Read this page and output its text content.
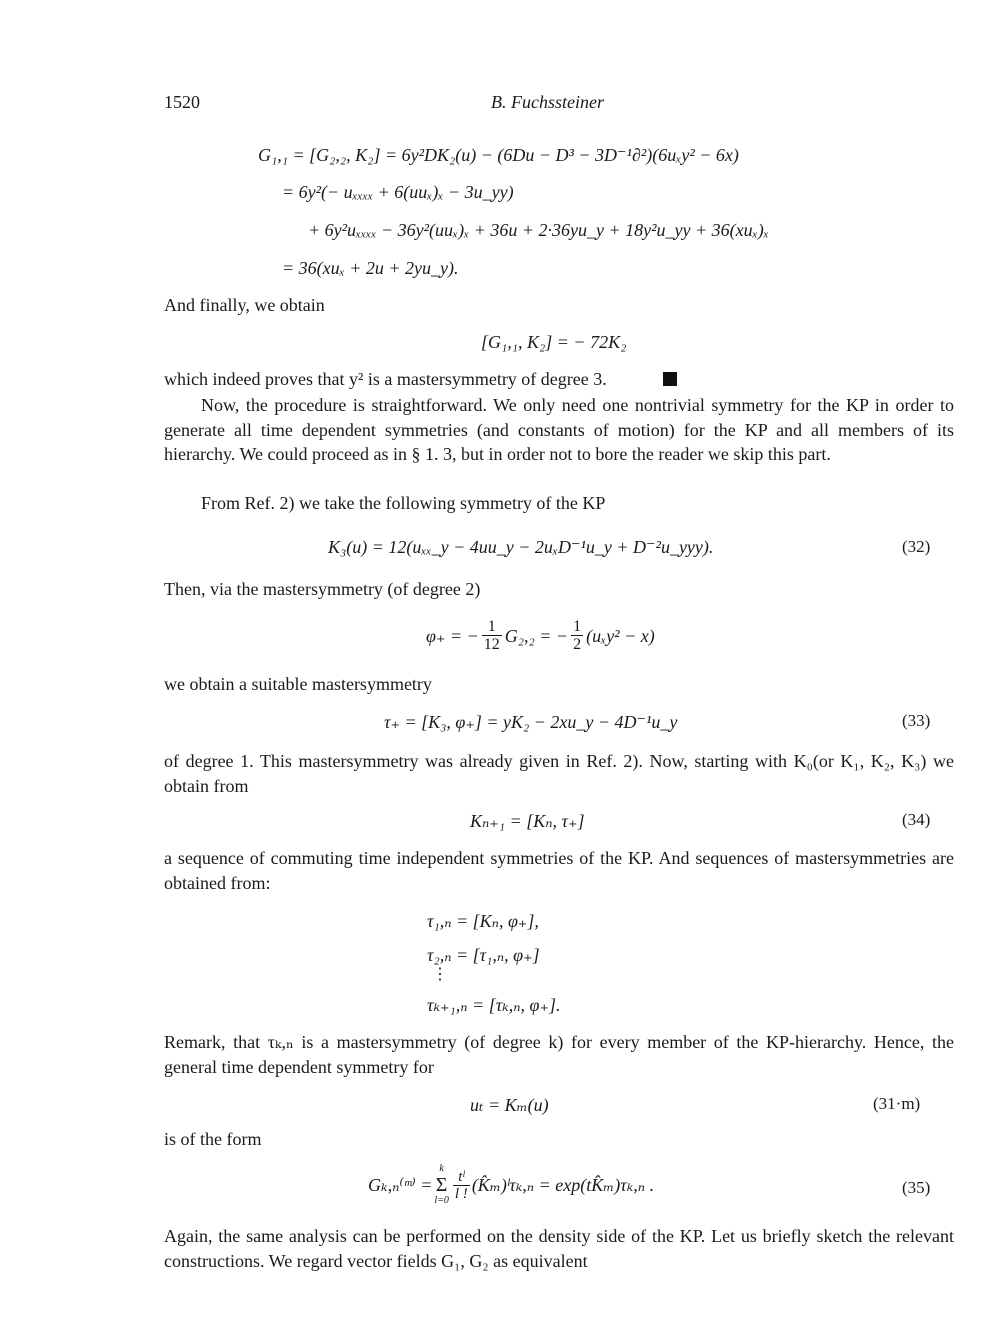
1520	B. Fuchssteiner
G₁,₁ = [G₂,₂, K₂] = 6y²DK₂(u) − (6Du − D³ − 3D⁻¹∂²)(6uₓy² − 6x)
= 6y²(− uₓₓₓₓ + 6(uuₓ)ₓ − 3u_yy)
+ 6y²uₓₓₓₓ − 36y²(uuₓ)ₓ + 36u + 2·36yu_y + 18y²u_yy + 36(xuₓ)ₓ
= 36(xuₓ + 2u + 2yu_y).
And finally, we obtain
[G₁,₁, K₂] = − 72K₂
which indeed proves that y² is a mastersymmetry of degree 3.
Now, the procedure is straightforward. We only need one nontrivial symmetry for the KP in order to generate all time dependent symmetries (and constants of motion) for the KP and all members of its hierarchy. We could proceed as in § 1. 3, but in order not to bore the reader we skip this part.
From Ref. 2) we take the following symmetry of the KP
K₃(u) = 12(uₓₓ_y − 4uu_y − 2uₓD⁻¹u_y + D⁻²u_yyy).	(32)
Then, via the mastersymmetry (of degree 2)
φ₊ = − $\frac{1}{12} G_2,_2$ = − $\frac{1}{2} (u_xy^2 - x)$
we obtain a suitable mastersymmetry
τ₊ = [K₃, φ₊] = yK₂ − 2xu_y − 4D⁻¹u_y	(33)
of degree 1. This mastersymmetry was already given in Ref. 2). Now, starting with K₀(or K₁, K₂, K₃) we obtain from
Kₙ₊₁ = [Kₙ, τ₊]	(34)
a sequence of commuting time independent symmetries of the KP. And sequences of mastersymmetries are obtained from:
τ₁,ₙ = [Kₙ, φ₊],
τ₂,ₙ = [τ₁,ₙ, φ₊]
⋮
τₖ₊₁,ₙ = [τₖ,ₙ, φ₊].
Remark, that τₖ,ₙ is a mastersymmetry (of degree k) for every member of the KP-hierarchy. Hence, the general time dependent symmetry for
uₜ = Kₘ(u)	(31·m)
is of the form
Gₖ,ₙ⁽ᵐ⁾ =
k
Σ
$l=0 \frac{\text{tˡ}}{l !}$ (K̂ₘ)ˡτₖ,ₙ = exp(tK̂ₘ)τₖ,ₙ .	(35)
Again, the same analysis can be performed on the density side of the KP. Let us briefly sketch the relevant constructions. We regard vector fields G₁, G₂ as equivalent
